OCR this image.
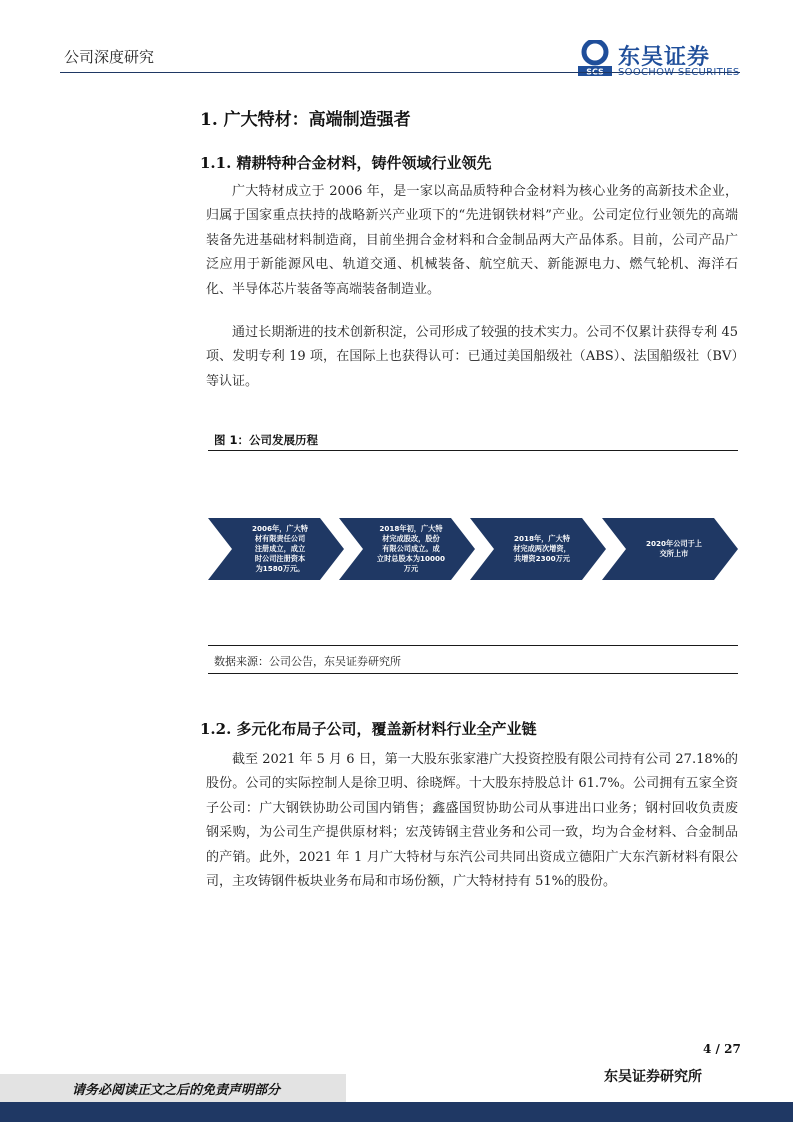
公司深度研究	东吴证券
1. 广大特材：高端制造强者
1.1. 精耕特种合金材料，铸件领域行业领先

广大特材成立于 2006 年，是一家以高品质特种合金材料为核心业务的高新技术企业，归属于国家重点扶持的战略新兴产业项下的“先进钢铁材料”产业。公司定位行业领先的高端装备先进基础材料制造商，目前坐拥合金材料和合金制品两大产品体系。目前，公司产品广泛应用于新能源风电、轨道交通、机械装备、航空航天、新能源电力、燃气轮机、海洋石化、半导体芯片装备等高端装备制造业。

通过长期渐进的技术创新积淀，公司形成了较强的技术实力。公司不仅累计获得专利 45 项、发明专利 19 项，在国际上也获得认可：已通过美国船级社（ABS）、法国船级社（BV）等认证。

图 1：公司发展历程
2006年，广大特
材有限责任公司
注册成立，成立
时公司注册资本
为1580万元。
2018年初，广大特
材完成股改，股份
有限公司成立。成
立时总股本为10000
万元
2018年，广大特
材完成两次增资，
共增资2300万元
2020年公司于上
交所上市
数据来源：公司公告，东吴证券研究所
1.2. 多元化布局子公司，覆盖新材料行业全产业链

截至 2021 年 5 月 6 日，第一大股东张家港广大投资控股有限公司持有公司 27.18%的股份。公司的实际控制人是徐卫明、徐晓辉。十大股东持股总计 61.7%。公司拥有五家全资子公司：广大钢铁协助公司国内销售；鑫盛国贸协助公司从事进出口业务；钢村回收负责废钢采购，为公司生产提供原材料；宏茂铸钢主营业务和公司一致，均为合金材料、合金制品的产销。此外，2021 年 1 月广大特材与东汽公司共同出资成立德阳广大东汽新材料有限公司，主攻铸钢件板块业务布局和市场份额，广大特材持有 51%的股份。

4 / 27
请务必阅读正文之后的免责声明部分
东吴证券研究所
